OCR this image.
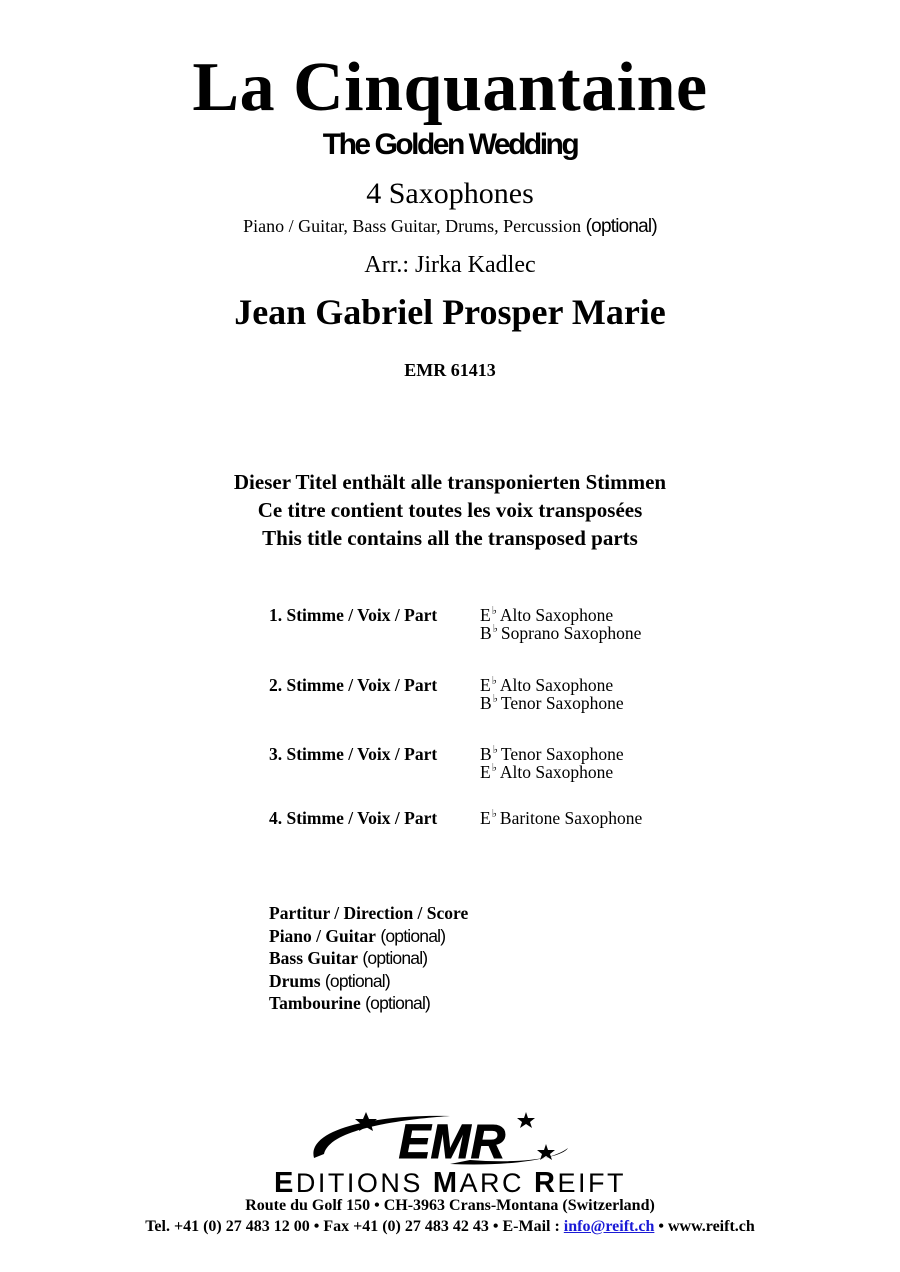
La Cinquantaine
The Golden Wedding
4 Saxophones
Piano / Guitar, Bass Guitar, Drums, Percussion (optional)
Arr.: Jirka Kadlec
Jean Gabriel Prosper Marie
EMR 61413
Dieser Titel enthält alle transponierten Stimmen
Ce titre contient toutes les voix transposées
This title contains all the transposed parts
1. Stimme / Voix / Part E♭ Alto Saxophone
B♭ Soprano Saxophone
2. Stimme / Voix / Part E♭ Alto Saxophone
B♭ Tenor Saxophone
3. Stimme / Voix / Part B♭ Tenor Saxophone
E♭ Alto Saxophone
4. Stimme / Voix / Part E♭ Baritone Saxophone
Partitur / Direction / Score
Piano / Guitar (optional)
Bass Guitar (optional)
Drums (optional)
Tambourine (optional)
EMR
EDITIONS MARC REIFT
Route du Golf 150 • CH-3963 Crans-Montana (Switzerland)
Tel. +41 (0) 27 483 12 00 • Fax +41 (0) 27 483 42 43 • E-Mail : info@reift.ch • www.reift.ch
